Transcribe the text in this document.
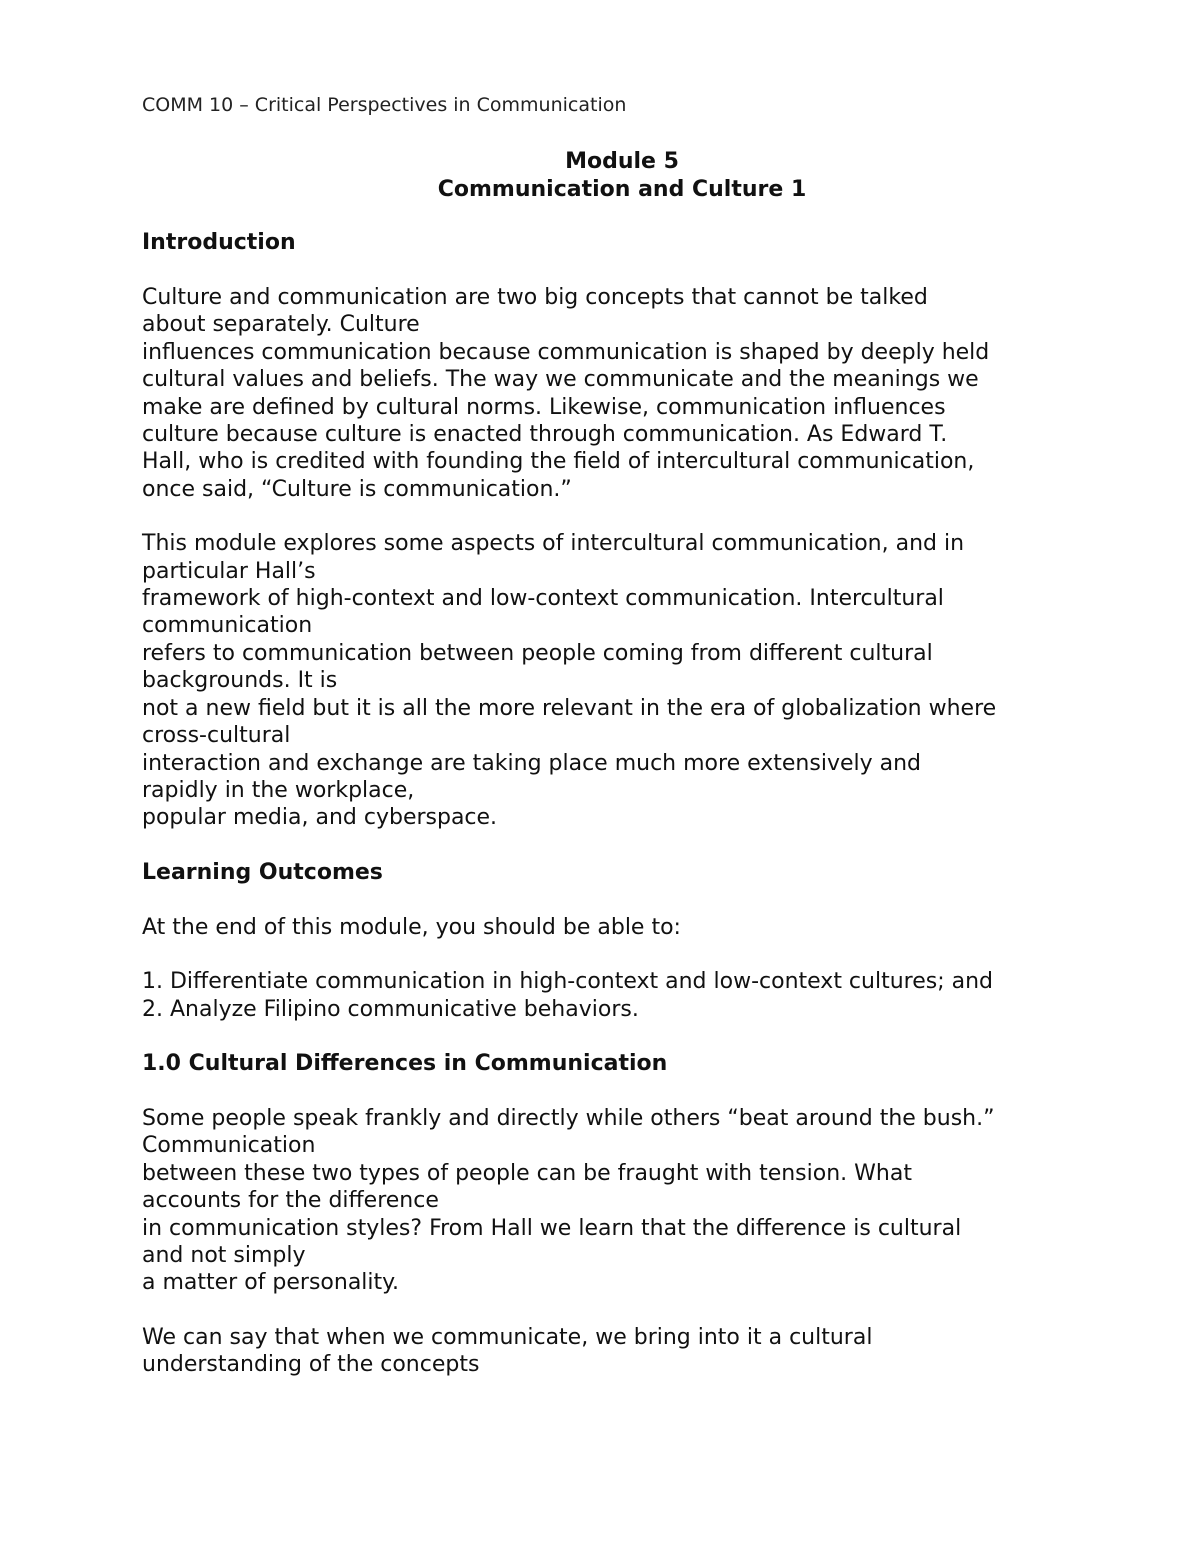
COMM 10 – Critical Perspectives in Communication
Module 5
Communication and Culture 1
Introduction
Culture and communication are two big concepts that cannot be talked
about separately. Culture
influences communication because communication is shaped by deeply held
cultural values and beliefs. The way we communicate and the meanings we
make are defined by cultural norms. Likewise, communication influences
culture because culture is enacted through communication. As Edward T.
Hall, who is credited with founding the field of intercultural communication,
once said, “Culture is communication.”
This module explores some aspects of intercultural communication, and in
particular Hall’s
framework of high-context and low-context communication. Intercultural
communication
refers to communication between people coming from different cultural
backgrounds. It is
not a new field but it is all the more relevant in the era of globalization where
cross-cultural
interaction and exchange are taking place much more extensively and
rapidly in the workplace,
popular media, and cyberspace.
Learning Outcomes
At the end of this module, you should be able to:
1. Differentiate communication in high-context and low-context cultures; and
2. Analyze Filipino communicative behaviors.
1.0 Cultural Differences in Communication
Some people speak frankly and directly while others “beat around the bush.”
Communication
between these two types of people can be fraught with tension. What
accounts for the difference
in communication styles? From Hall we learn that the difference is cultural
and not simply
a matter of personality.
We can say that when we communicate, we bring into it a cultural
understanding of the concepts
